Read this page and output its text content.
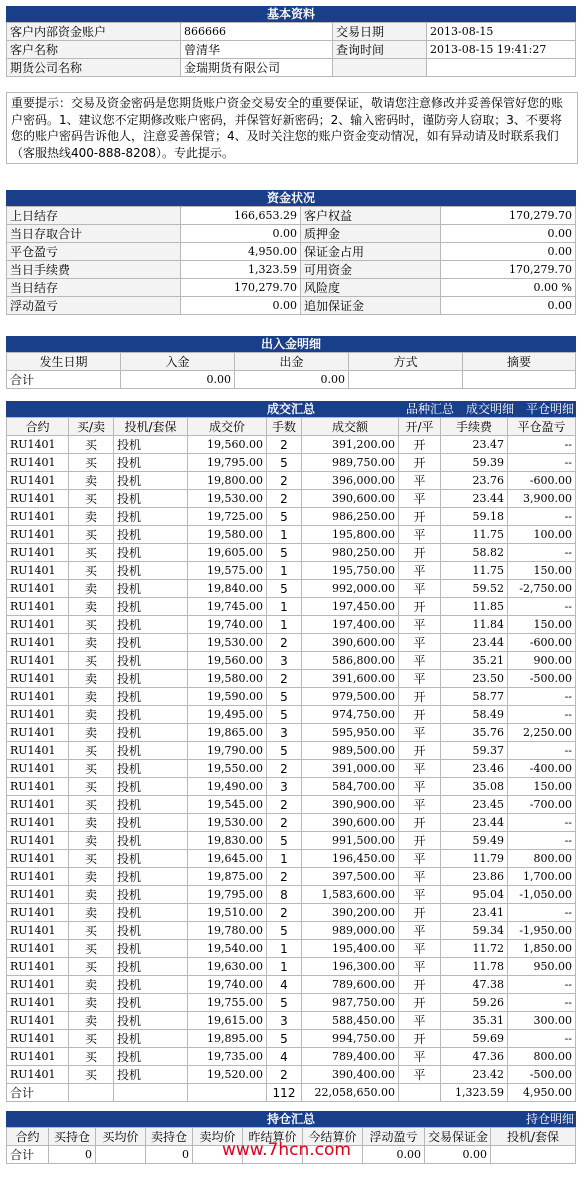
基本资料
客户内部资金账户	866666	交易日期	2013-08-15
客户名称	曾清华	查询时间	2013-08-15 19:41:27
期货公司名称	金瑞期货有限公司		
重要提示：交易及资金密码是您期货账户资金交易安全的重要保证，敬请您注意修改并妥善保管好您的账户密码。1、建议您不定期修改账户密码，并保管好新密码；2、输入密码时，谨防旁人窃取；3、不要将您的账户密码告诉他人，注意妥善保管；4、及时关注您的账户资金变动情况，如有异动请及时联系我们（客服热线400-888-8208）。专此提示。
资金状况
上日结存	166,653.29	客户权益	170,279.70
当日存取合计	0.00	质押金	0.00
平仓盈亏	4,950.00	保证金占用	0.00
当日手续费	1,323.59	可用资金	170,279.70
当日结存	170,279.70	风险度	0.00 %
浮动盈亏	0.00	追加保证金	0.00
出入金明细
发生日期	入金	出金	方式	摘要
合计	0.00	0.00		
成交汇总	品种汇总 成交明细 平仓明细
合约	买/卖	投机/套保	成交价	手数	成交额	开/平	手续费	平仓盈亏
RU1401	买	投机	19,560.00	2	391,200.00	开	23.47	--
RU1401	买	投机	19,795.00	5	989,750.00	开	59.39	--
RU1401	卖	投机	19,800.00	2	396,000.00	平	23.76	-600.00
RU1401	买	投机	19,530.00	2	390,600.00	平	23.44	3,900.00
RU1401	卖	投机	19,725.00	5	986,250.00	开	59.18	--
RU1401	买	投机	19,580.00	1	195,800.00	平	11.75	100.00
RU1401	买	投机	19,605.00	5	980,250.00	开	58.82	--
RU1401	买	投机	19,575.00	1	195,750.00	平	11.75	150.00
RU1401	卖	投机	19,840.00	5	992,000.00	平	59.52	-2,750.00
RU1401	卖	投机	19,745.00	1	197,450.00	开	11.85	--
RU1401	买	投机	19,740.00	1	197,400.00	平	11.84	150.00
RU1401	卖	投机	19,530.00	2	390,600.00	平	23.44	-600.00
RU1401	买	投机	19,560.00	3	586,800.00	平	35.21	900.00
RU1401	卖	投机	19,580.00	2	391,600.00	平	23.50	-500.00
RU1401	卖	投机	19,590.00	5	979,500.00	开	58.77	--
RU1401	卖	投机	19,495.00	5	974,750.00	开	58.49	--
RU1401	卖	投机	19,865.00	3	595,950.00	平	35.76	2,250.00
RU1401	买	投机	19,790.00	5	989,500.00	开	59.37	--
RU1401	买	投机	19,550.00	2	391,000.00	平	23.46	-400.00
RU1401	买	投机	19,490.00	3	584,700.00	平	35.08	150.00
RU1401	买	投机	19,545.00	2	390,900.00	平	23.45	-700.00
RU1401	卖	投机	19,530.00	2	390,600.00	开	23.44	--
RU1401	卖	投机	19,830.00	5	991,500.00	开	59.49	--
RU1401	买	投机	19,645.00	1	196,450.00	平	11.79	800.00
RU1401	卖	投机	19,875.00	2	397,500.00	平	23.86	1,700.00
RU1401	卖	投机	19,795.00	8	1,583,600.00	平	95.04	-1,050.00
RU1401	卖	投机	19,510.00	2	390,200.00	开	23.41	--
RU1401	买	投机	19,780.00	5	989,000.00	平	59.34	-1,950.00
RU1401	买	投机	19,540.00	1	195,400.00	平	11.72	1,850.00
RU1401	买	投机	19,630.00	1	196,300.00	平	11.78	950.00
RU1401	卖	投机	19,740.00	4	789,600.00	开	47.38	--
RU1401	卖	投机	19,755.00	5	987,750.00	开	59.26	--
RU1401	卖	投机	19,615.00	3	588,450.00	平	35.31	300.00
RU1401	买	投机	19,895.00	5	994,750.00	开	59.69	--
RU1401	买	投机	19,735.00	4	789,400.00	平	47.36	800.00
RU1401	买	投机	19,520.00	2	390,400.00	平	23.42	-500.00
合计				112	22,058,650.00		1,323.59	4,950.00
持仓汇总	持仓明细
合约	买持仓	买均价	卖持仓	卖均价	昨结算价	今结算价	浮动盈亏	交易保证金	投机/套保
合计	0		0				0.00	0.00	
www.7hcn.com
